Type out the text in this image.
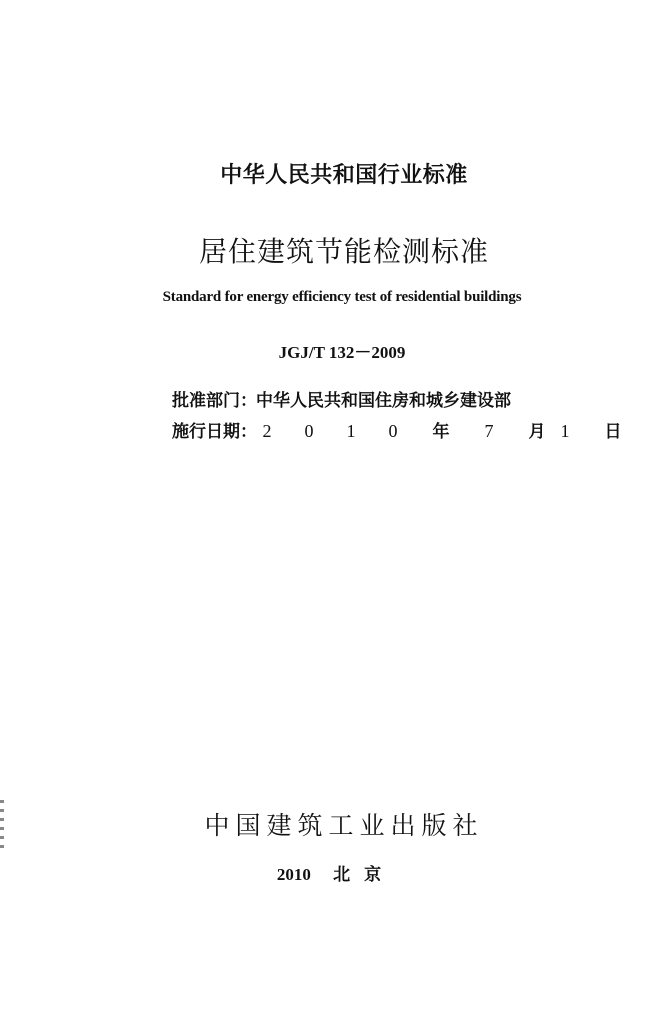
中华人民共和国行业标准
居住建筑节能检测标准
Standard for energy efficiency test of residential buildings
JGJ/T 132－2009
批准部门 ： 中华人民共和国住房和城乡建设部
施行日期 ： 2 0 1 0 年 7 月 1 日
中国建筑工业出版社
2010 北京
